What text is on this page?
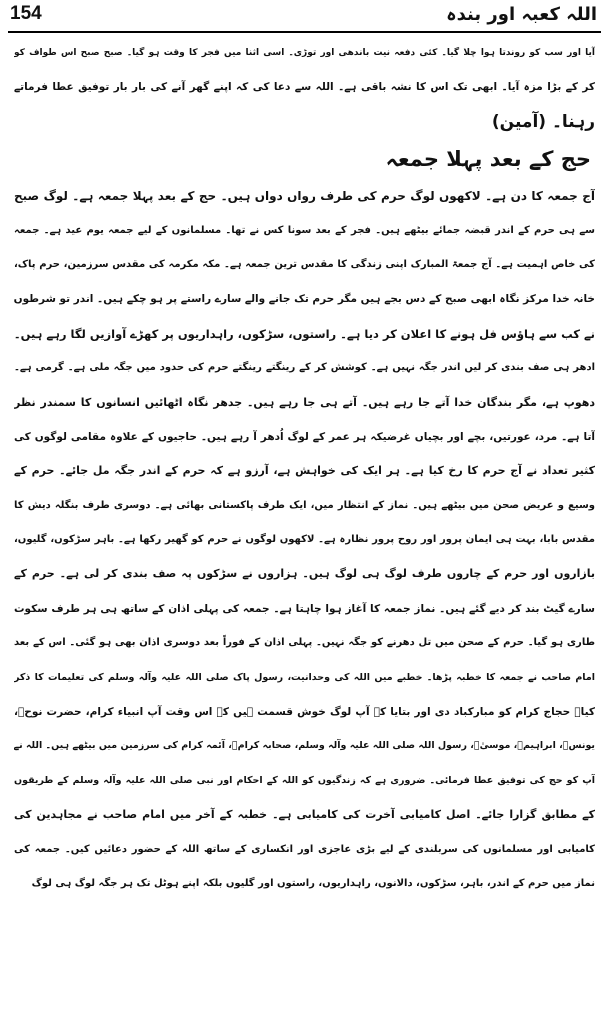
154	اللہ کعبہ اور بندہ
آیا اور سب کو روندتا ہوا چلا گیا۔ کئی دفعہ نیت باندھی اور توڑی۔ اسی اثنا میں فجر کا وقت ہو گیا۔ صبح صبح اس طواف کو
کر کے بڑا مزہ آیا۔ ابھی تک اس کا نشہ باقی ہے۔ اللہ سے دعا کی کہ اپنے گھر آنے کی بار بار توفیق عطا فرماتے
رہنا۔ (آمین)
حج کے بعد پہلا جمعہ
آج جمعہ کا دن ہے۔ لاکھوں لوگ حرم کی طرف رواں دواں ہیں۔ حج کے بعد پہلا جمعہ ہے۔ لوگ صبح
سے ہی حرم کے اندر قبضہ جمائے بیٹھے ہیں۔ فجر کے بعد سونا کس نے تھا۔ مسلمانوں کے لیے جمعہ یوم عید ہے۔ جمعہ
کی خاص اہمیت ہے۔ آج جمعۃ المبارک اپنی زندگی کا مقدس ترین جمعہ ہے۔ مکہ مکرمہ کی مقدس سرزمین، حرم پاک،
خانہ خدا مرکز نگاہ ابھی صبح کے دس بجے ہیں مگر حرم تک جانے والے سارے راستے پر ہو چکے ہیں۔ اندر تو شرطوں
نے کب سے ہاؤس فل ہونے کا اعلان کر دیا ہے۔ راستوں، سڑکوں، راہداریوں پر کھڑے آوازیں لگا رہے ہیں۔
ادھر ہی صف بندی کر لیں اندر جگہ نہیں ہے۔ کوشش کر کے رینگتے رینگتے حرم کی حدود میں جگہ ملی ہے۔ گرمی ہے۔
دھوپ ہے، مگر بندگان خدا آتے جا رہے ہیں۔ آتے ہی جا رہے ہیں۔ جدھر نگاہ اٹھائیں انسانوں کا سمندر نظر
آتا ہے۔ مرد، عورتیں، بچے اور بچیاں غرضیکہ ہر عمر کے لوگ اُدھر آ رہے ہیں۔ حاجیوں کے علاوہ مقامی لوگوں کی
کثیر تعداد نے آج حرم کا رخ کیا ہے۔ ہر ایک کی خواہش ہے، آرزو ہے کہ حرم کے اندر جگہ مل جائے۔ حرم کے
وسیع و عریض صحن میں بیٹھے ہیں۔ نماز کے انتظار میں، ایک طرف پاکستانی بھائی ہے۔ دوسری طرف بنگلہ دیش کا
مقدس بابا، بہت ہی ایمان پرور اور روح پرور نظارہ ہے۔ لاکھوں لوگوں نے حرم کو گھیر رکھا ہے۔ باہر سڑکوں، گلیوں،
بازاروں اور حرم کے چاروں طرف لوگ ہی لوگ ہیں۔ ہزاروں نے سڑکوں پہ صف بندی کر لی ہے۔ حرم کے
سارے گیٹ بند کر دیے گئے ہیں۔ نماز جمعہ کا آغاز ہوا چاہتا ہے۔ جمعہ کی پہلی اذان کے ساتھ ہی ہر طرف سکوت
طاری ہو گیا۔ حرم کے صحن میں تل دھرنے کو جگہ نہیں۔ پہلی اذان کے فوراً بعد دوسری اذان بھی ہو گئی۔ اس کے بعد
امام صاحب نے جمعہ کا خطبہ پڑھا۔ خطبے میں اللہ کی وحدانیت، رسول پاک صلی اللہ علیہ وآلہ وسلم کی تعلیمات کا ذکر
کیا۔ حجاج کرام کو مبارکباد دی اور بتایا کہ آپ لوگ خوش قسمت ہیں کہ اس وقت آپ انبیاء کرام، حضرت نوحؑ،
یونسؑ، ابراہیمؑ، موسیٰؑ، رسول اللہ صلی اللہ علیہ وآلہ وسلم، صحابہ کرامؓ، آئمہ کرام کی سرزمین میں بیٹھے ہیں۔ اللہ نے
آپ کو حج کی توفیق عطا فرمائی۔ ضروری ہے کہ زندگیوں کو اللہ کے احکام اور نبی صلی اللہ علیہ وآلہ وسلم کے طریقوں
کے مطابق گزارا جائے۔ اصل کامیابی آخرت کی کامیابی ہے۔ خطبہ کے آخر میں امام صاحب نے مجاہدین کی
کامیابی اور مسلمانوں کی سربلندی کے لیے بڑی عاجزی اور انکساری کے ساتھ اللہ کے حضور دعائیں کیں۔ جمعہ کی
نماز میں حرم کے اندر، باہر، سڑکوں، دالانوں، راہداریوں، راستوں اور گلیوں بلکہ اپنے ہوٹل تک ہر جگہ لوگ ہی لوگ
